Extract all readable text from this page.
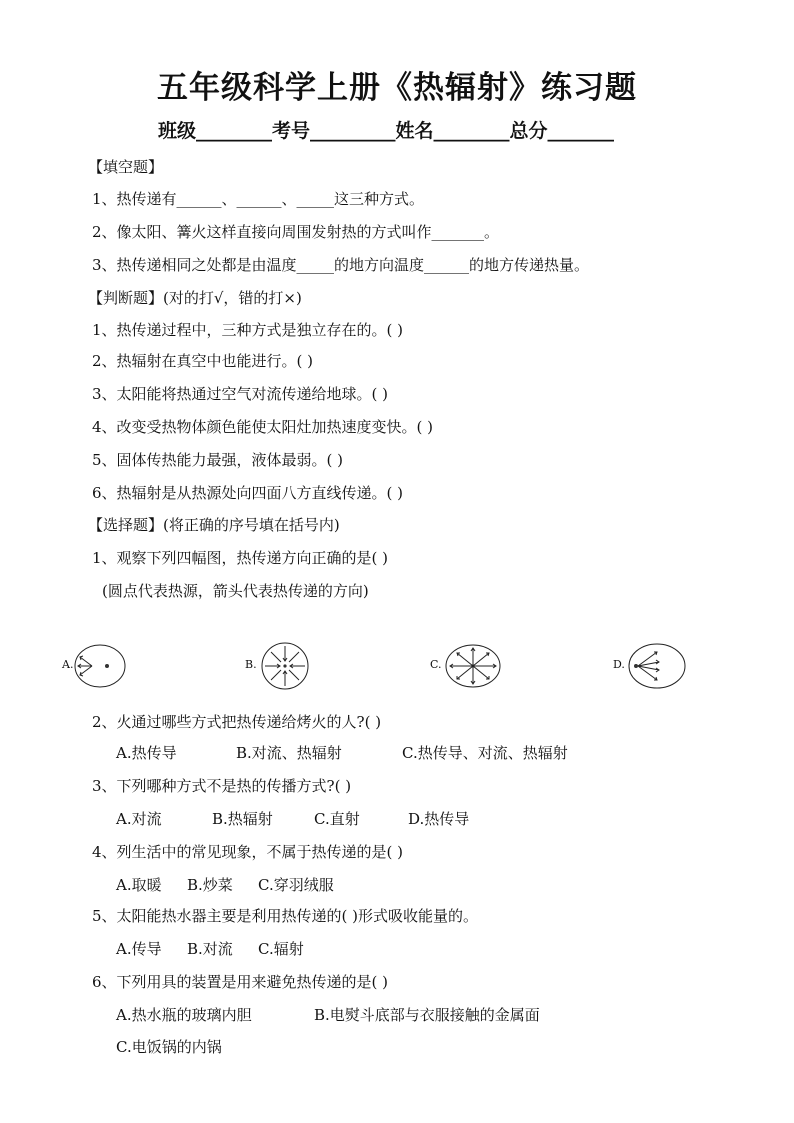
五年级科学上册《热辐射》练习题
班级________考号_________姓名________总分_______
【填空题】
1、热传递有______、______、_____这三种方式。
2、像太阳、篝火这样直接向周围发射热的方式叫作_______。
3、热传递相同之处都是由温度_____的地方向温度______的地方传递热量。
【判断题】(对的打√，错的打×)
1、热传递过程中，三种方式是独立存在的。( )
2、热辐射在真空中也能进行。( )
3、太阳能将热通过空气对流传递给地球。( )
4、改变受热物体颜色能使太阳灶加热速度变快。( )
5、固体传热能力最强，液体最弱。( )
6、热辐射是从热源处向四面八方直线传递。( )
【选择题】(将正确的序号填在括号内)
1、观察下列四幅图，热传递方向正确的是( )
(圆点代表热源，箭头代表热传递的方向)
A.	B.	C.	D.
2、火通过哪些方式把热传递给烤火的人?( )
A.热传导	B.对流、热辐射	C.热传导、对流、热辐射
3、下列哪种方式不是热的传播方式?( )
A.对流	B.热辐射	C.直射	D.热传导
4、列生活中的常见现象，不属于热传递的是( )
A.取暖 B.炒菜 C.穿羽绒服
5、太阳能热水器主要是利用热传递的( )形式吸收能量的。
A.传导 B.对流 C.辐射
6、下列用具的装置是用来避免热传递的是( )
A.热水瓶的玻璃内胆	B.电熨斗底部与衣服接触的金属面
C.电饭锅的内锅
